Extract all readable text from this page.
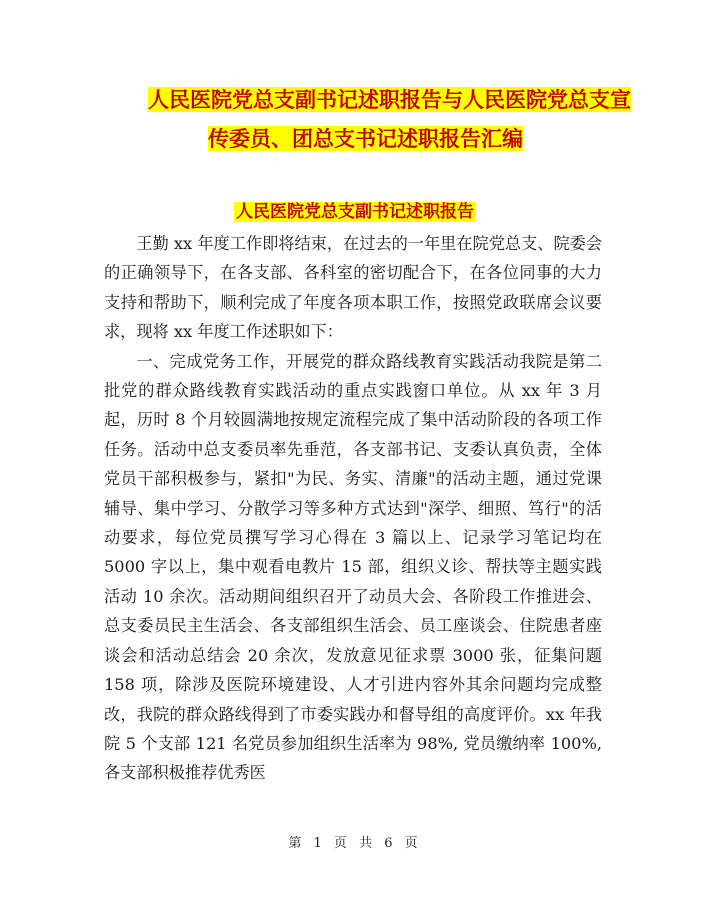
人民医院党总支副书记述职报告与人民医院党总支宣
传委员、团总支书记述职报告汇编
人民医院党总支副书记述职报告

王勤 xx 年度工作即将结束，在过去的一年里在院党总支、院委会的正确领导下，在各支部、各科室的密切配合下，在各位同事的大力支持和帮助下，顺利完成了年度各项本职工作，按照党政联席会议要求，现将 xx 年度工作述职如下：

一、完成党务工作，开展党的群众路线教育实践活动我院是第二批党的群众路线教育实践活动的重点实践窗口单位。从 xx 年 3 月起，历时 8 个月较圆满地按规定流程完成了集中活动阶段的各项工作任务。活动中总支委员率先垂范，各支部书记、支委认真负责，全体党员干部积极参与，紧扣"为民、务实、清廉"的活动主题，通过党课辅导、集中学习、分散学习等多种方式达到"深学、细照、笃行"的活动要求，每位党员撰写学习心得在 3 篇以上、记录学习笔记均在 5000 字以上，集中观看电教片 15 部，组织义诊、帮扶等主题实践活动 10 余次。活动期间组织召开了动员大会、各阶段工作推进会、总支委员民主生活会、各支部组织生活会、员工座谈会、住院患者座谈会和活动总结会 20 余次，发放意见征求票 3000 张，征集问题 158 项，除涉及医院环境建设、人才引进内容外其余问题均完成整改，我院的群众路线得到了市委实践办和督导组的高度评价。xx 年我院 5 个支部 121 名党员参加组织生活率为 98%, 党员缴纳率 100%, 各支部积极推荐优秀医

第 1 页 共 6 页
